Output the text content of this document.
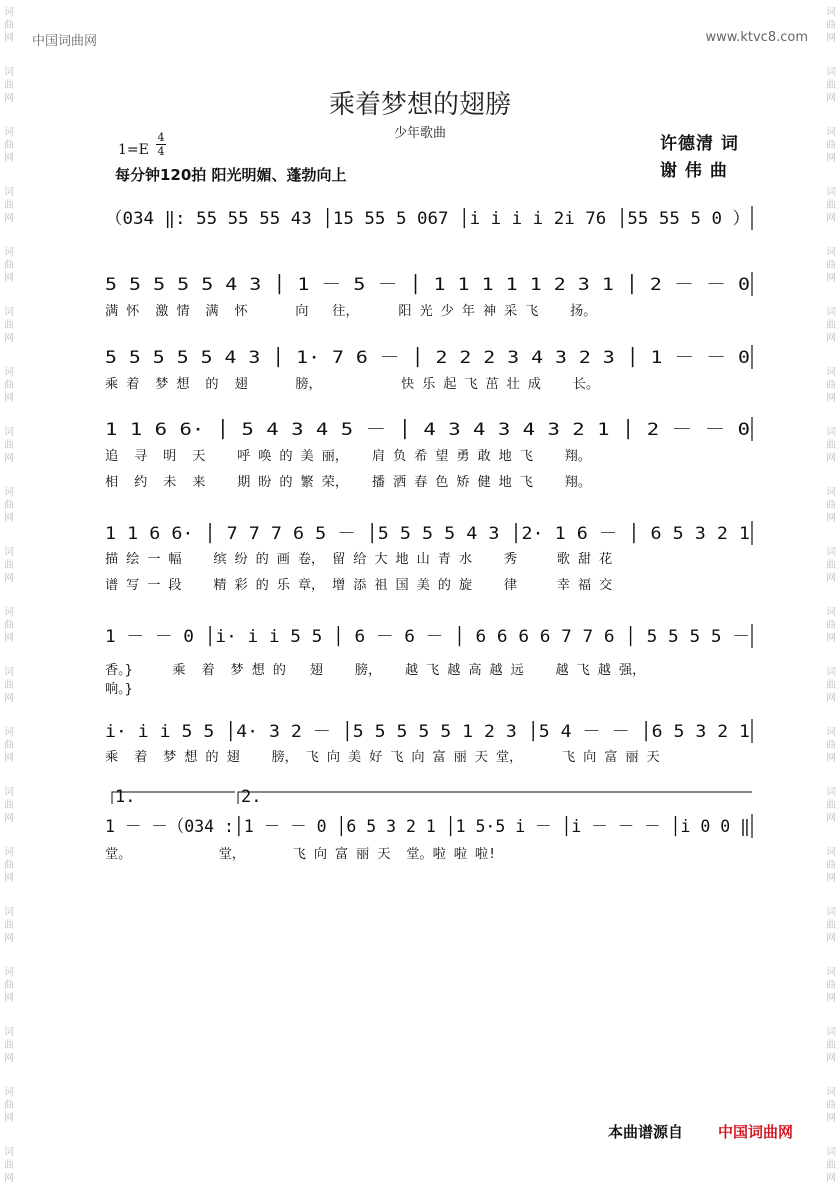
词
曲
网
词
曲
网
词
曲
网
词
曲
网
词
曲
网
词
曲
网
词
曲
网
词
曲
网
词
曲
网
词
曲
网
词
曲
网
词
曲
网
词
曲
网
词
曲
网
词
曲
网
词
曲
网
词
曲
网
词
曲
网
词
曲
网
词
曲
网
词
曲
网
词
曲
网
词
曲
网
词
曲
网
词
曲
网
词
曲
网
词
曲
网
词
曲
网
词
曲
网
词
曲
网
词
曲
网
词
曲
网
词
曲
网
词
曲
网
词
曲
网
词
曲
网
词
曲
网
词
曲
网
词
曲
网
词
曲
网
中国词曲网	www.ktvc8.com
乘着梦想的翅膀
少年歌曲
1=E
4
4
每分钟120拍 阳光明媚、蓬勃向上
许德清 词
谢 伟 曲
（034 ‖: 55 55 55 43 │15 55 5 067 │i i i i 2i 76 │55 55 5 0 ）
5 5 5 5 5 4 3 │ 1 － 5 － │ 1 1 1 1 1 2 3 1 │ 2 － － 0
满 怀  激 情  满  怀      向   往，     阳 光 少 年 神 采 飞    扬。
5 5 5 5 5 4 3 │ 1· 7 6 － │ 2 2 2 3 4 3 2 3 │ 1 － － 0
乘 着  梦 想  的  翅      膀，          快 乐 起 飞 茁 壮 成    长。
1 1 6 6· │ 5 4 3 4 5 － │ 4 3 4 3 4 3 2 1 │ 2 － － 0
追  寻  明  天    呼 唤 的 美 丽，   肩 负 希 望 勇 敢 地 飞    翔。
相  约  未  来    期 盼 的 繁 荣，   播 洒 春 色 矫 健 地 飞    翔。
1 1 6 6· │ 7 7 7 6 5 － │5 5 5 5 4 3 │2· 1 6 － │ 6 5 3 2 1
描 绘 一 幅    缤 纷 的 画 卷， 留 给 大 地 山 青 水    秀     歌 甜 花
谱 写 一 段    精 彩 的 乐 章， 增 添 祖 国 美 的 旋    律     幸 福 交
1 － － 0 │i· i i 5 5 │ 6 － 6 － │ 6 6 6 6 7 7 6 │ 5 5 5 5 －
香。}     乘  着  梦 想 的   翅    膀，   越 飞 越 高 越 远    越 飞 越 强，
响。}
i· i i 5 5 │4· 3 2 － │5 5 5 5 5 1 2 3 │5 4 － － │6 5 3 2 1
乘  着  梦 想 的 翅    膀， 飞 向 美 好 飞 向 富 丽 天 堂，     飞 向 富 丽 天
1 － －（034 :│1 － － 0 │6 5 3 2 1 │1 5·5 i － │i － － － │i 0 0 ‖
1.	2.
堂。           堂，      飞 向 富 丽 天  堂。啦 啦 啦!
本曲谱源自 中国词曲网
